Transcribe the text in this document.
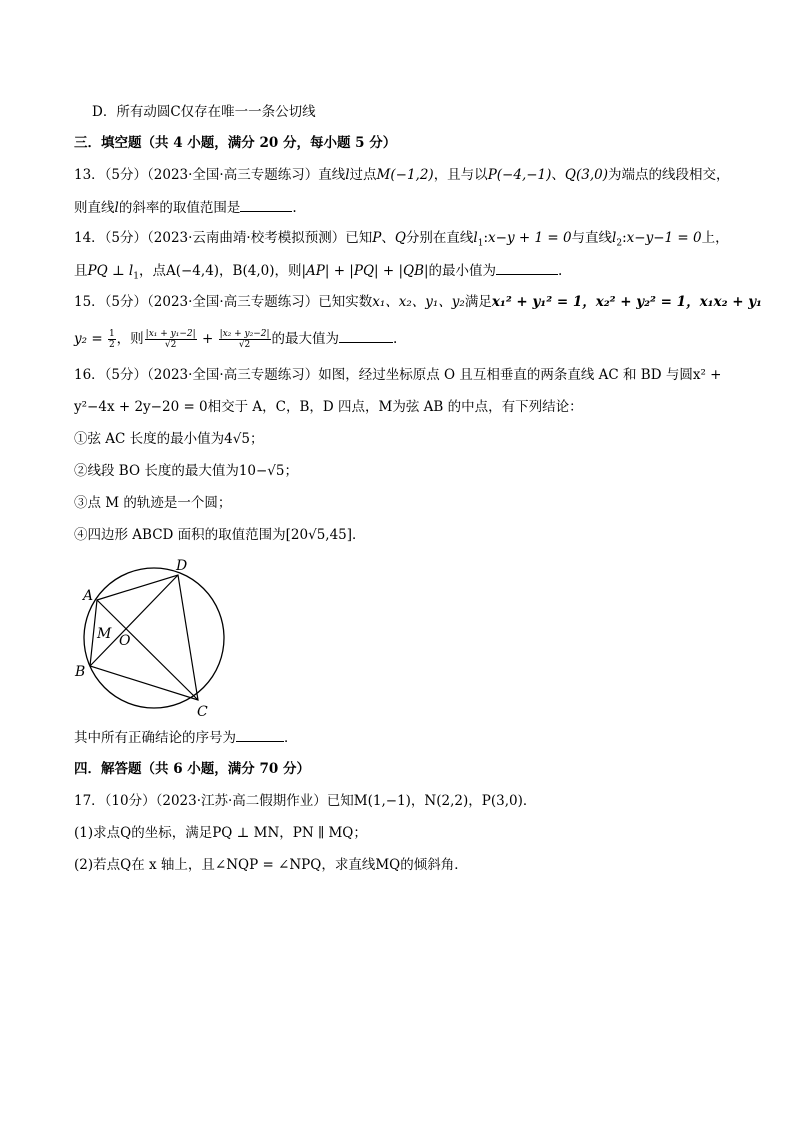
D．所有动圆C仅存在唯一一条公切线
三．填空题（共 4 小题，满分 20 分，每小题 5 分）
13．（5分）（2023·全国·高三专题练习）直线l过点M(−1,2)，且与以P(−4,−1)、Q(3,0)为端点的线段相交，
则直线l的斜率的取值范围是	.
14．（5分）（2023·云南曲靖·校考模拟预测）已知P、Q分别在直线$l_1:x-y + 1 = 0$与直线$l_2:x-y-1 = 0$上，
且PQ ⊥ $l_1$，点A(−4,4)，B(4,0)，则|AP| + |PQ| + |QB|的最小值为	.
15．（5分）（2023·全国·高三专题练习）已知实数x₁、x₂、y₁、y₂满足x₁² + y₁² = 1，x₂² + y₂² = 1，x₁x₂ + y₁
$y_2 = \frac{1}{2}$ ，则 $\frac{\text{|x₁ + y₁−2|}}{√2} + \frac{\text{|x₂ + y₂−2|}}{√2}$ 的最大值为	.
16．（5分）（2023·全国·高三专题练习）如图，经过坐标原点 O 且互相垂直的两条直线 AC 和 BD 与圆x² +
y²−4x + 2y−20 = 0相交于 A，C，B，D 四点，M为弦 AB 的中点，有下列结论：
①弦 AC 长度的最小值为4√5；
②线段 BO 长度的最大值为10−√5；
③点 M 的轨迹是一个圆；
④四边形 ABCD 面积的取值范围为[20√5,45]．
A
B
C
D
M O
其中所有正确结论的序号为	．
四．解答题（共 6 小题，满分 70 分）
17．（10分）（2023·江苏·高二假期作业）已知M(1,−1)，N(2,2)，P(3,0)．
(1)求点Q的坐标，满足PQ ⊥ MN，PN ∥ MQ；
(2)若点Q在 x 轴上，且∠NQP = ∠NPQ，求直线MQ的倾斜角．
